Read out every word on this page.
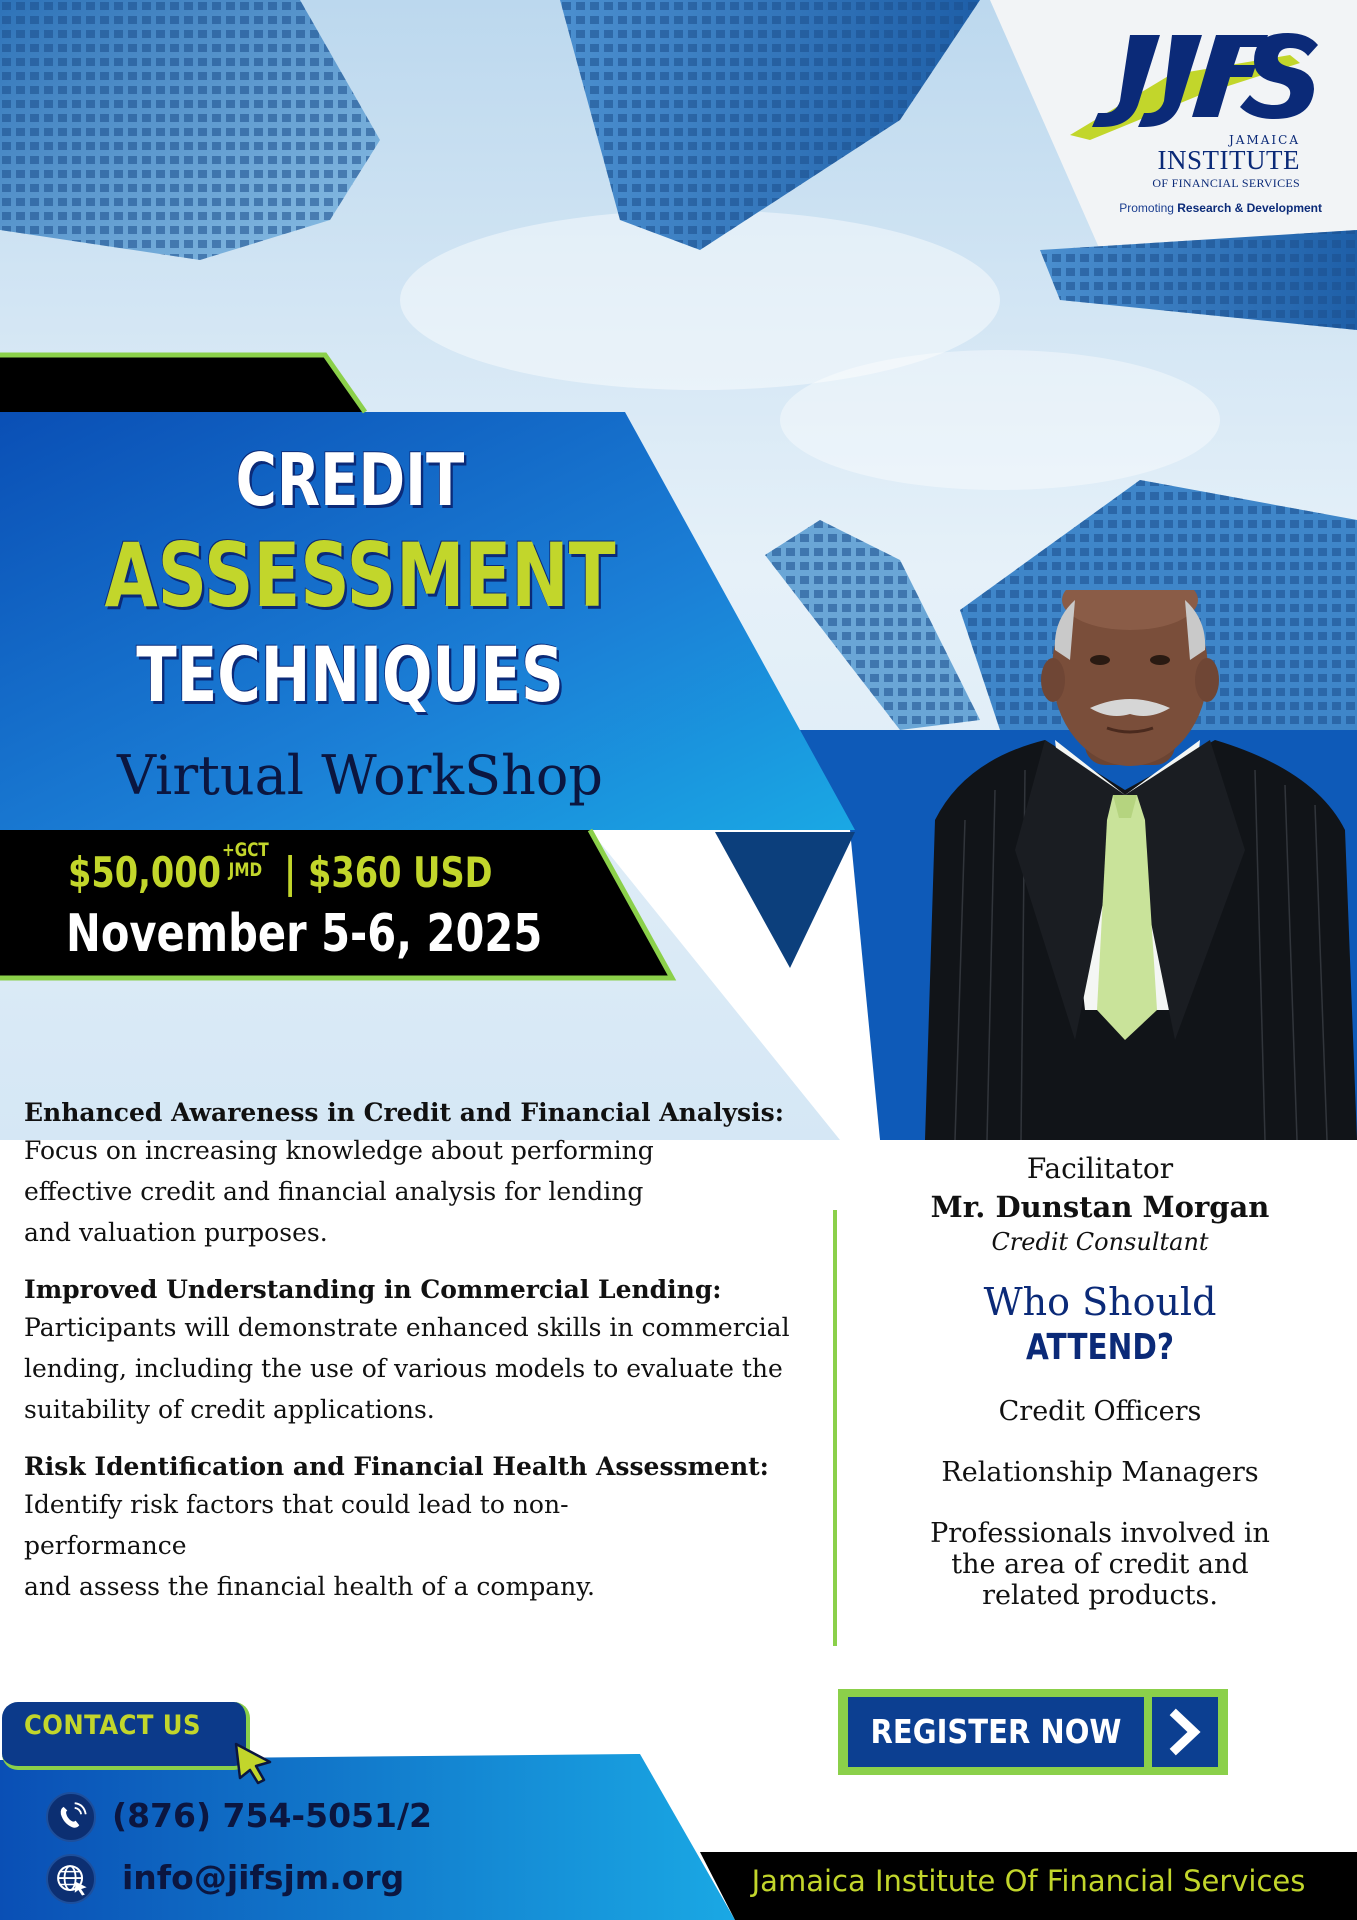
JAMAICA
INSTITUTE
OF FINANCIAL SERVICES
Promoting Research & Development
CREDIT
ASSESSMENT
TECHNIQUES
Virtual WorkShop
$50,000 +GCT
JMD | $360 USD
November 5-6, 2025
Enhanced Awareness in Credit and Financial Analysis:

Focus on increasing knowledge about performing
effective credit and financial analysis for lending
and valuation purposes.

Improved Understanding in Commercial Lending:

Participants will demonstrate enhanced skills in commercial
lending, including the use of various models to evaluate the
suitability of credit applications.

Risk Identification and Financial Health Assessment:

Identify risk factors that could lead to non-
performance
and assess the financial health of a company.

Facilitator
Mr. Dunstan Morgan
Credit Consultant
Who Should
ATTEND?
Credit Officers
Relationship Managers
Professionals involved in
the area of credit and
related products.
CONTACT US	REGISTER NOW
(876) 754-5051/2
info@jifsjm.org	Jamaica Institute Of Financial Services
